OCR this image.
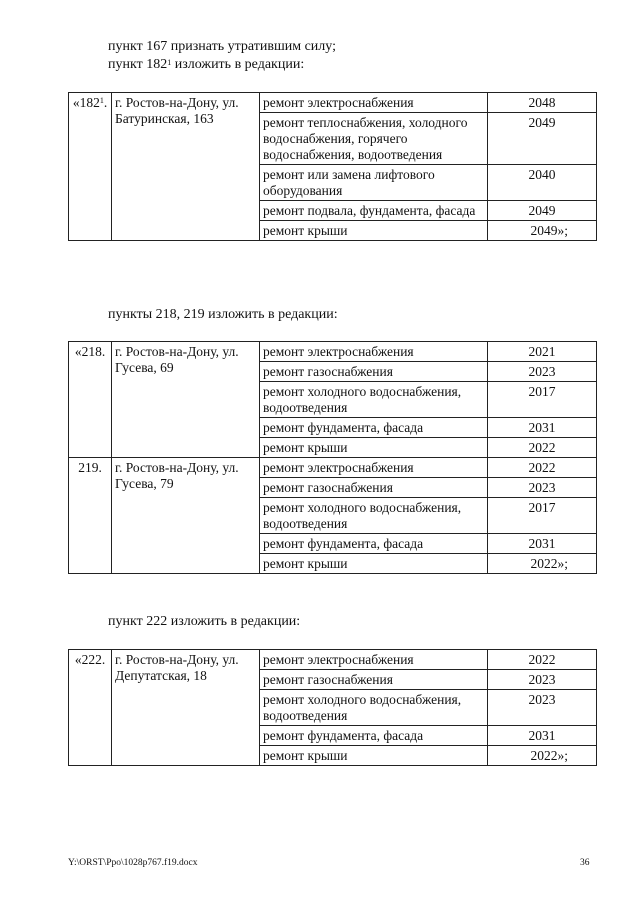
пункт 167 признать утратившим силу;
пункт $182^1$ изложить в редакции:
«$182^1$.	г. Ростов-на-Дону, ул. Батуринская, 163	ремонт электроснабжения	2048
		ремонт теплоснабжения, холодного водоснабжения, горячего водоснабжения, водоотведения	2049
		ремонт или замена лифтового оборудования	2040
		ремонт подвала, фундамента, фасада	2049
		ремонт крыши	2049»;
пункты 218, 219 изложить в редакции:
«218.	г. Ростов-на-Дону, ул. Гусева, 69	ремонт электроснабжения	2021
		ремонт газоснабжения	2023
		ремонт холодного водоснабжения, водоотведения	2017
		ремонт фундамента, фасада	2031
		ремонт крыши	2022
219.	г. Ростов-на-Дону, ул. Гусева, 79	ремонт электроснабжения	2022
		ремонт газоснабжения	2023
		ремонт холодного водоснабжения, водоотведения	2017
		ремонт фундамента, фасада	2031
		ремонт крыши	2022»;
пункт 222 изложить в редакции:
«222.	г. Ростов-на-Дону, ул. Депутатская, 18	ремонт электроснабжения	2022
		ремонт газоснабжения	2023
		ремонт холодного водоснабжения, водоотведения	2023
		ремонт фундамента, фасада	2031
		ремонт крыши	2022»;
Y:\ORST\Ppo\1028p767.f19.docx	36
